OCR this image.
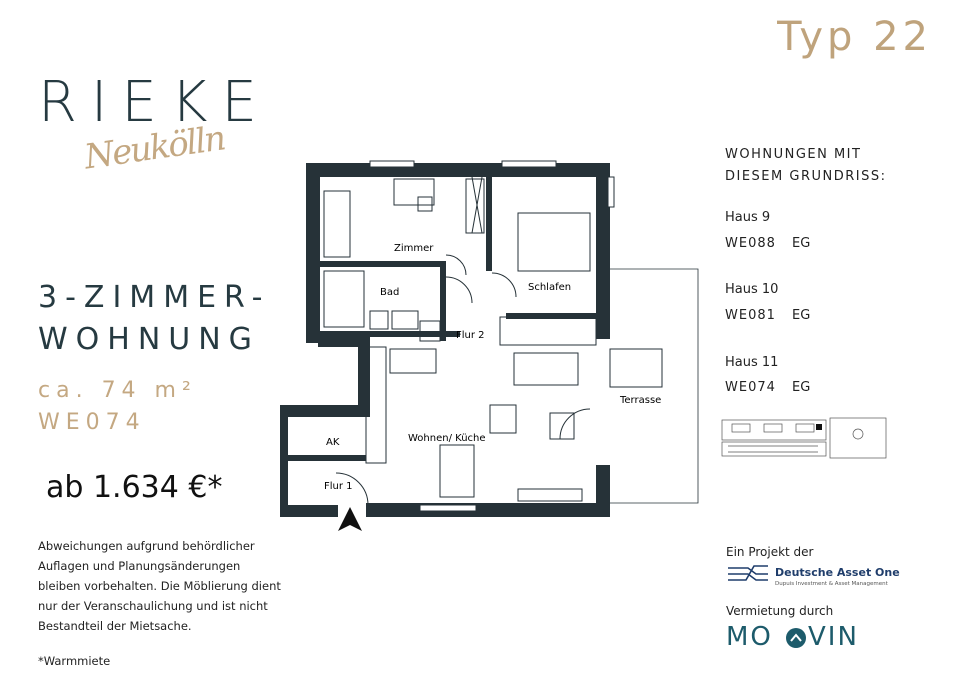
Typ 22
RIEKE
Neukölln
3-ZIMMER-
WOHNUNG
ca. 74 m²
WE074
ab 1.634 €*
Abweichungen aufgrund behördlicher Auflagen und Planungsänderungen bleiben vorbehalten. Die Möblierung dient nur der Veranschaulichung und ist nicht Bestandteil der Mietsache.
*Warmmiete
Zimmer
Bad	Schlafen
Flur 2
Terrasse
AK	Wohnen/ Küche
Flur 1
WOHNUNGEN MIT DIESEM GRUNDRISS:
Haus 9
WE088 EG
Haus 10
WE081 EG
Haus 11
WE074 EG
Ein Projekt der
Deutsche Asset One
Dupuis Investment & Asset Management
Vermietung durch
MO VIN
